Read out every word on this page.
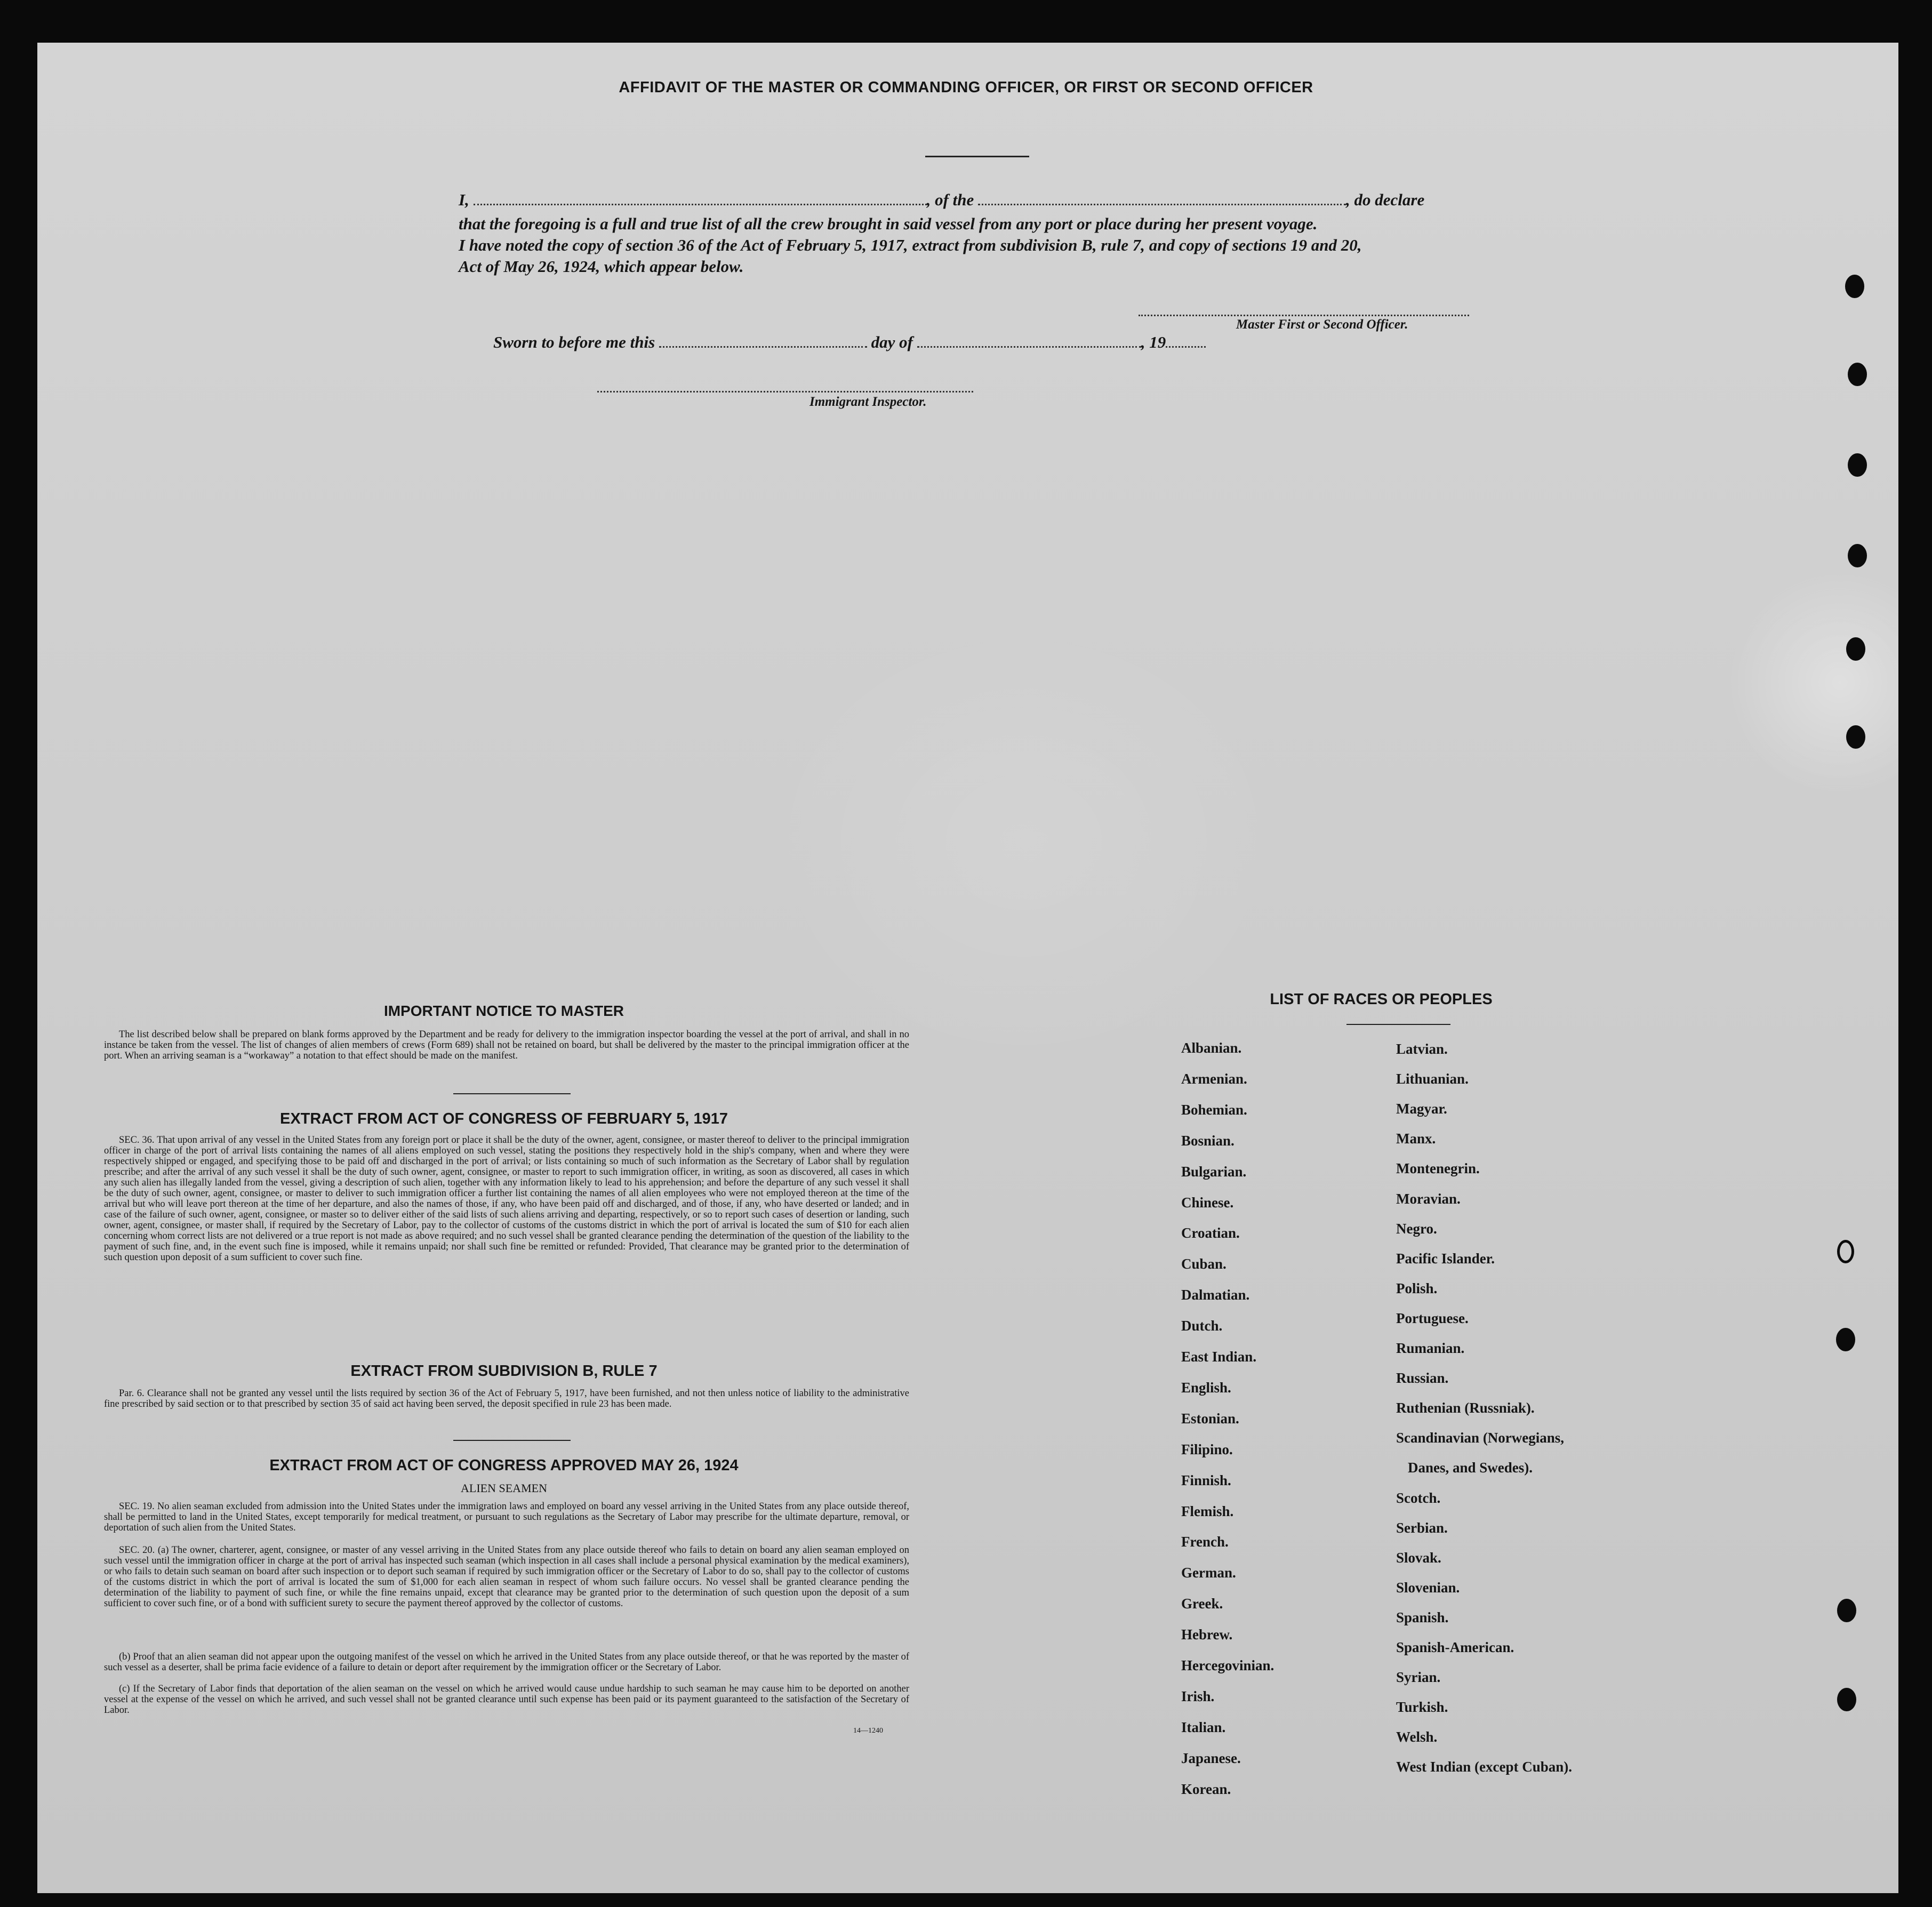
AFFIDAVIT OF THE MASTER OR COMMANDING OFFICER, OR FIRST OR SECOND OFFICER
I,	, of the	, do declare
that the foregoing is a full and true list of all the crew brought in said vessel from any port or place during her present voyage.
I have noted the copy of section 36 of the Act of February 5, 1917, extract from subdivision B, rule 7, and copy of sections 19 and 20,
Act of May 26, 1924, which appear below.
Master First or Second Officer.
Sworn to before me this	day of	, 19
Immigrant Inspector.
IMPORTANT NOTICE TO MASTER
The list described below shall be prepared on blank forms approved by the Department and be ready for delivery to the immigration inspector boarding the vessel at the port of arrival, and shall in no instance be taken from the vessel. The list of changes of alien members of crews (Form 689) shall not be retained on board, but shall be delivered by the master to the principal immigration officer at the port. When an arriving seaman is a “workaway” a notation to that effect should be made on the manifest.
EXTRACT FROM ACT OF CONGRESS OF FEBRUARY 5, 1917
SEC. 36. That upon arrival of any vessel in the United States from any foreign port or place it shall be the duty of the owner, agent, consignee, or master thereof to deliver to the principal immigration officer in charge of the port of arrival lists containing the names of all aliens employed on such vessel, stating the positions they respectively hold in the ship's company, when and where they were respectively shipped or engaged, and specifying those to be paid off and discharged in the port of arrival; or lists containing so much of such information as the Secretary of Labor shall by regulation prescribe; and after the arrival of any such vessel it shall be the duty of such owner, agent, consignee, or master to report to such immigration officer, in writing, as soon as discovered, all cases in which any such alien has illegally landed from the vessel, giving a description of such alien, together with any information likely to lead to his apprehension; and before the departure of any such vessel it shall be the duty of such owner, agent, consignee, or master to deliver to such immigration officer a further list containing the names of all alien employees who were not employed thereon at the time of the arrival but who will leave port thereon at the time of her departure, and also the names of those, if any, who have been paid off and discharged, and of those, if any, who have deserted or landed; and in case of the failure of such owner, agent, consignee, or master so to deliver either of the said lists of such aliens arriving and departing, respectively, or so to report such cases of desertion or landing, such owner, agent, consignee, or master shall, if required by the Secretary of Labor, pay to the collector of customs of the customs district in which the port of arrival is located the sum of $10 for each alien concerning whom correct lists are not delivered or a true report is not made as above required; and no such vessel shall be granted clearance pending the determination of the question of the liability to the payment of such fine, and, in the event such fine is imposed, while it remains unpaid; nor shall such fine be remitted or refunded: Provided, That clearance may be granted prior to the determination of such question upon deposit of a sum sufficient to cover such fine.
EXTRACT FROM SUBDIVISION B, RULE 7
Par. 6. Clearance shall not be granted any vessel until the lists required by section 36 of the Act of February 5, 1917, have been furnished, and not then unless notice of liability to the administrative fine prescribed by said section or to that prescribed by section 35 of said act having been served, the deposit specified in rule 23 has been made.
EXTRACT FROM ACT OF CONGRESS APPROVED MAY 26, 1924
ALIEN SEAMEN
SEC. 19. No alien seaman excluded from admission into the United States under the immigration laws and employed on board any vessel arriving in the United States from any place outside thereof, shall be permitted to land in the United States, except temporarily for medical treatment, or pursuant to such regulations as the Secretary of Labor may prescribe for the ultimate departure, removal, or deportation of such alien from the United States.
SEC. 20. (a) The owner, charterer, agent, consignee, or master of any vessel arriving in the United States from any place outside thereof who fails to detain on board any alien seaman employed on such vessel until the immigration officer in charge at the port of arrival has inspected such seaman (which inspection in all cases shall include a personal physical examination by the medical examiners), or who fails to detain such seaman on board after such inspection or to deport such seaman if required by such immigration officer or the Secretary of Labor to do so, shall pay to the collector of customs of the customs district in which the port of arrival is located the sum of $1,000 for each alien seaman in respect of whom such failure occurs. No vessel shall be granted clearance pending the determination of the liability to payment of such fine, or while the fine remains unpaid, except that clearance may be granted prior to the determination of such question upon the deposit of a sum sufficient to cover such fine, or of a bond with sufficient surety to secure the payment thereof approved by the collector of customs.
(b) Proof that an alien seaman did not appear upon the outgoing manifest of the vessel on which he arrived in the United States from any place outside thereof, or that he was reported by the master of such vessel as a deserter, shall be prima facie evidence of a failure to detain or deport after requirement by the immigration officer or the Secretary of Labor.
(c) If the Secretary of Labor finds that deportation of the alien seaman on the vessel on which he arrived would cause undue hardship to such seaman he may cause him to be deported on another vessel at the expense of the vessel on which he arrived, and such vessel shall not be granted clearance until such expense has been paid or its payment guaranteed to the satisfaction of the Secretary of Labor.
14—1240
LIST OF RACES OR PEOPLES
Albanian.
Armenian.
Bohemian.
Bosnian.
Bulgarian.
Chinese.
Croatian.
Cuban.
Dalmatian.
Dutch.
East Indian.
English.
Estonian.
Filipino.
Finnish.
Flemish.
French.
German.
Greek.
Hebrew.
Hercegovinian.
Irish.
Italian.
Japanese.
Korean.
Latvian.
Lithuanian.
Magyar.
Manx.
Montenegrin.
Moravian.
Negro.
Pacific Islander.
Polish.
Portuguese.
Rumanian.
Russian.
Ruthenian (Russniak).
Scandinavian (Norwegians,
Danes, and Swedes).
Scotch.
Serbian.
Slovak.
Slovenian.
Spanish.
Spanish-American.
Syrian.
Turkish.
Welsh.
West Indian (except Cuban).
